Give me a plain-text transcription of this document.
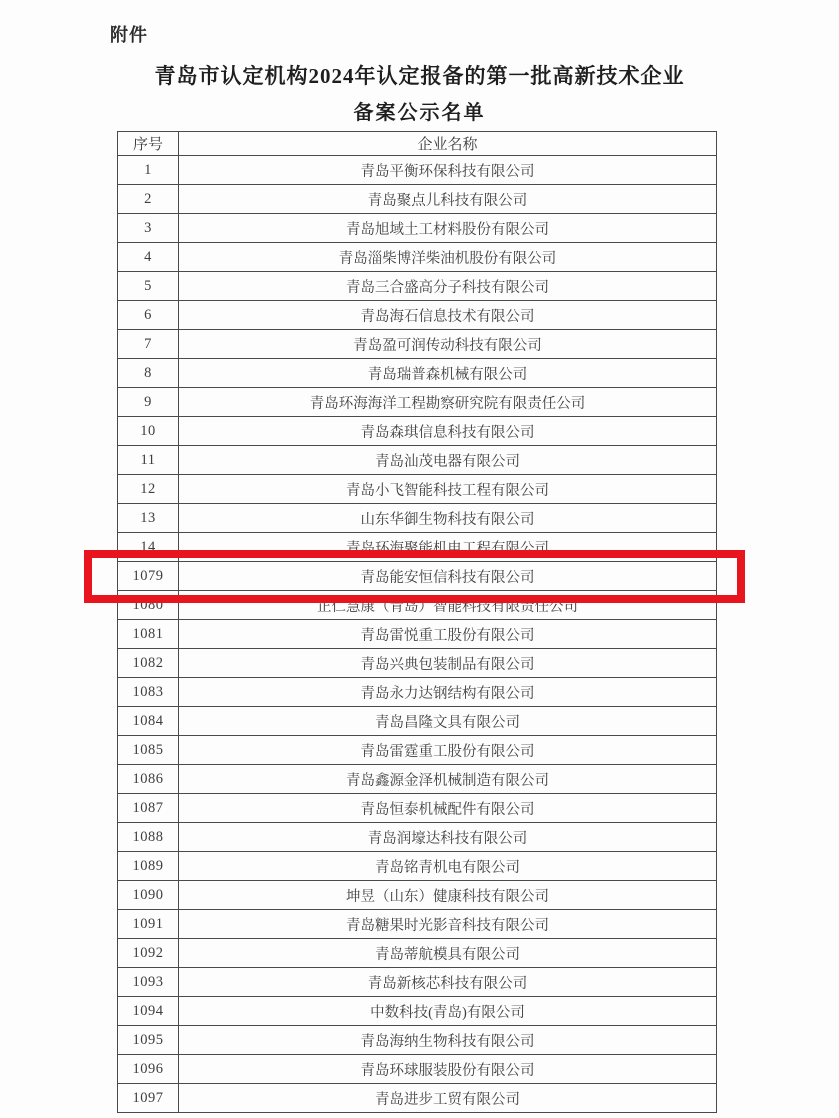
附件
青岛市认定机构2024年认定报备的第一批高新技术企业
备案公示名单
序号	企业名称
1	青岛平衡环保科技有限公司
2	青岛聚点儿科技有限公司
3	青岛旭域土工材料股份有限公司
4	青岛淄柴博洋柴油机股份有限公司
5	青岛三合盛高分子科技有限公司
6	青岛海石信息技术有限公司
7	青岛盈可润传动科技有限公司
8	青岛瑞普森机械有限公司
9	青岛环海海洋工程勘察研究院有限责任公司
10	青岛森琪信息科技有限公司
11	青岛汕茂电器有限公司
12	青岛小飞智能科技工程有限公司
13	山东华御生物科技有限公司
14	青岛环海聚能机电工程有限公司
1079	青岛能安恒信科技有限公司
1080	正仁慧康（青岛）智能科技有限责任公司
1081	青岛雷悦重工股份有限公司
1082	青岛兴典包装制品有限公司
1083	青岛永力达钢结构有限公司
1084	青岛昌隆文具有限公司
1085	青岛雷霆重工股份有限公司
1086	青岛鑫源金泽机械制造有限公司
1087	青岛恒泰机械配件有限公司
1088	青岛润壕达科技有限公司
1089	青岛铭青机电有限公司
1090	坤昱（山东）健康科技有限公司
1091	青岛糖果时光影音科技有限公司
1092	青岛蒂航模具有限公司
1093	青岛新核芯科技有限公司
1094	中数科技(青岛)有限公司
1095	青岛海纳生物科技有限公司
1096	青岛环球服装股份有限公司
1097	青岛进步工贸有限公司
